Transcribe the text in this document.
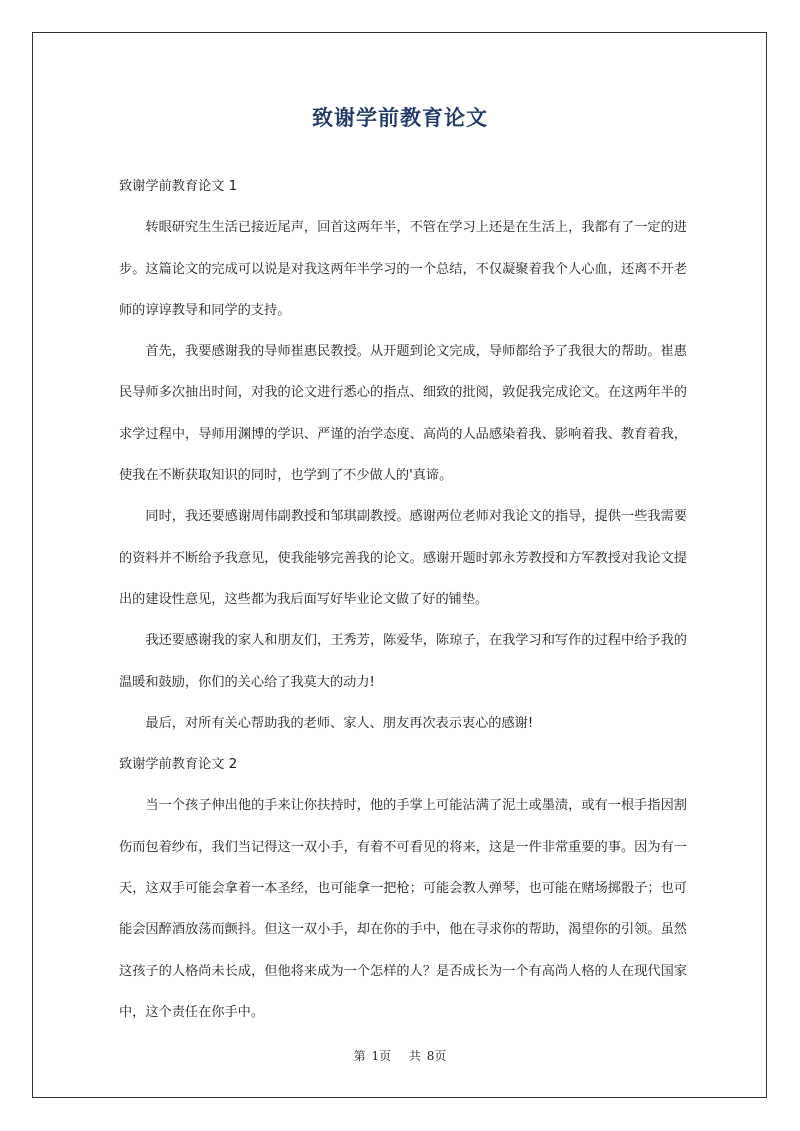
致谢学前教育论文

致谢学前教育论文 1

转眼研究生生活已接近尾声，回首这两年半，不管在学习上还是在生活上，我都有了一定的进步。这篇论文的完成可以说是对我这两年半学习的一个总结，不仅凝聚着我个人心血，还离不开老师的谆谆教导和同学的支持。

首先，我要感谢我的导师崔惠民教授。从开题到论文完成，导师都给予了我很大的帮助。崔惠民导师多次抽出时间，对我的论文进行悉心的指点、细致的批阅，敦促我完成论文。在这两年半的求学过程中，导师用渊博的学识、严谨的治学态度、高尚的人品感染着我、影响着我、教育着我，使我在不断获取知识的同时，也学到了不少做人的'真谛。

同时，我还要感谢周伟副教授和邹琪副教授。感谢两位老师对我论文的指导，提供一些我需要的资料并不断给予我意见，使我能够完善我的论文。感谢开题时郭永芳教授和方军教授对我论文提出的建设性意见，这些都为我后面写好毕业论文做了好的铺垫。

我还要感谢我的家人和朋友们，王秀芳，陈爱华，陈琼子，在我学习和写作的过程中给予我的温暖和鼓励，你们的关心给了我莫大的动力!

最后，对所有关心帮助我的老师、家人、朋友再次表示衷心的感谢!

致谢学前教育论文 2

当一个孩子伸出他的手来让你扶持时，他的手掌上可能沾满了泥土或墨渍，或有一根手指因割伤而包着纱布，我们当记得这一双小手，有着不可看见的将来，这是一件非常重要的事。因为有一天，这双手可能会拿着一本圣经，也可能拿一把枪；可能会教人弹琴，也可能在赌场掷骰子；也可能会因醉酒放荡而颤抖。但这一双小手，却在你的手中，他在寻求你的帮助，渴望你的引领。虽然这孩子的人格尚未长成，但他将来成为一个怎样的人？是否成长为一个有高尚人格的人在现代国家中，这个责任在你手中。

第 1页　 共 8页
